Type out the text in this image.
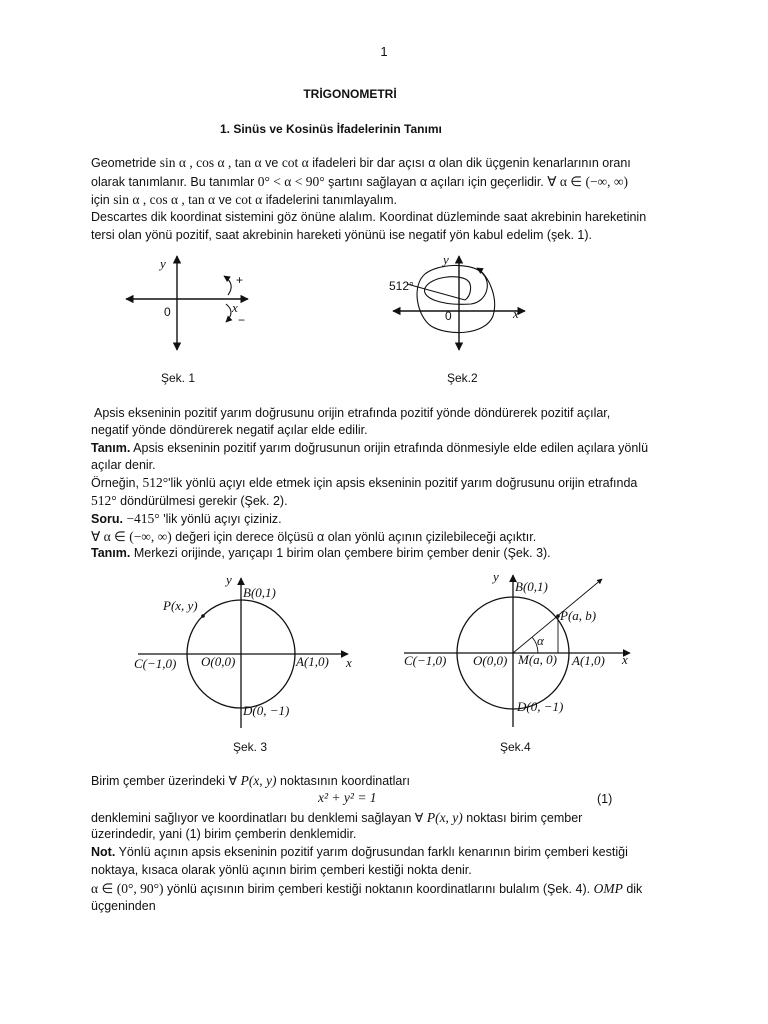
1
TRİGONOMETRİ
1. Sinüs ve Kosinüs İfadelerinin Tanımı
Geometride sin α , cos α , tan α ve cot α ifadeleri bir dar açısı α olan dik üçgenin kenarlarının oranı
olarak tanımlanır. Bu tanımlar 0° < α < 90° şartını sağlayan α açıları için geçerlidir. ∀ α ∈ (−∞, ∞)
için sin α , cos α , tan α ve cot α ifadelerini tanımlayalım.
Descartes dik koordinat sistemini göz önüne alalım. Koordinat düzleminde saat akrebinin hareketinin
tersi olan yönü pozitif, saat akrebinin hareketi yönünü ise negatif yön kabul edelim (şek. 1).
y
x
0
+
−
y
x
0
512°
Şek. 1	Şek.2
Apsis ekseninin pozitif yarım doğrusunu orijin etrafında pozitif yönde döndürerek pozitif açılar,
negatif yönde döndürerek negatif açılar elde edilir.
Tanım. Apsis ekseninin pozitif yarım doğrusunun orijin etrafında dönmesiyle elde edilen açılara yönlü
açılar denir.
Örneğin, 512°'lik yönlü açıyı elde etmek için apsis ekseninin pozitif yarım doğrusunu orijin etrafında
512° döndürülmesi gerekir (Şek. 2).
Soru. −415° 'lik yönlü açıyı çiziniz.
∀ α ∈ (−∞, ∞) değeri için derece ölçüsü α olan yönlü açının çizilebileceği açıktır.
Tanım. Merkezi orijinde, yarıçapı 1 birim olan çembere birim çember denir (Şek. 3).
y
x
B(0,1)
P(x, y)
C(−1,0) O(0,0)	A(1,0)
D(0, −1)
y
x
B(0,1)
P(a, b)
α
C(−1,0) O(0,0) M(a, 0) A(1,0)
D(0, −1)
Şek. 3	Şek.4
Birim çember üzerindeki ∀ P(x, y) noktasının koordinatları
x² + y² = 1	(1)
denklemini sağlıyor ve koordinatları bu denklemi sağlayan ∀ P(x, y) noktası birim çember
üzerindedir, yani (1) birim çemberin denklemidir.
Not. Yönlü açının apsis ekseninin pozitif yarım doğrusundan farklı kenarının birim çemberi kestiği
noktaya, kısaca olarak yönlü açının birim çemberi kestiği nokta denir.
α ∈ (0°, 90°) yönlü açısının birim çemberi kestiği noktanın koordinatlarını bulalım (Şek. 4). OMP dik
üçgeninden
